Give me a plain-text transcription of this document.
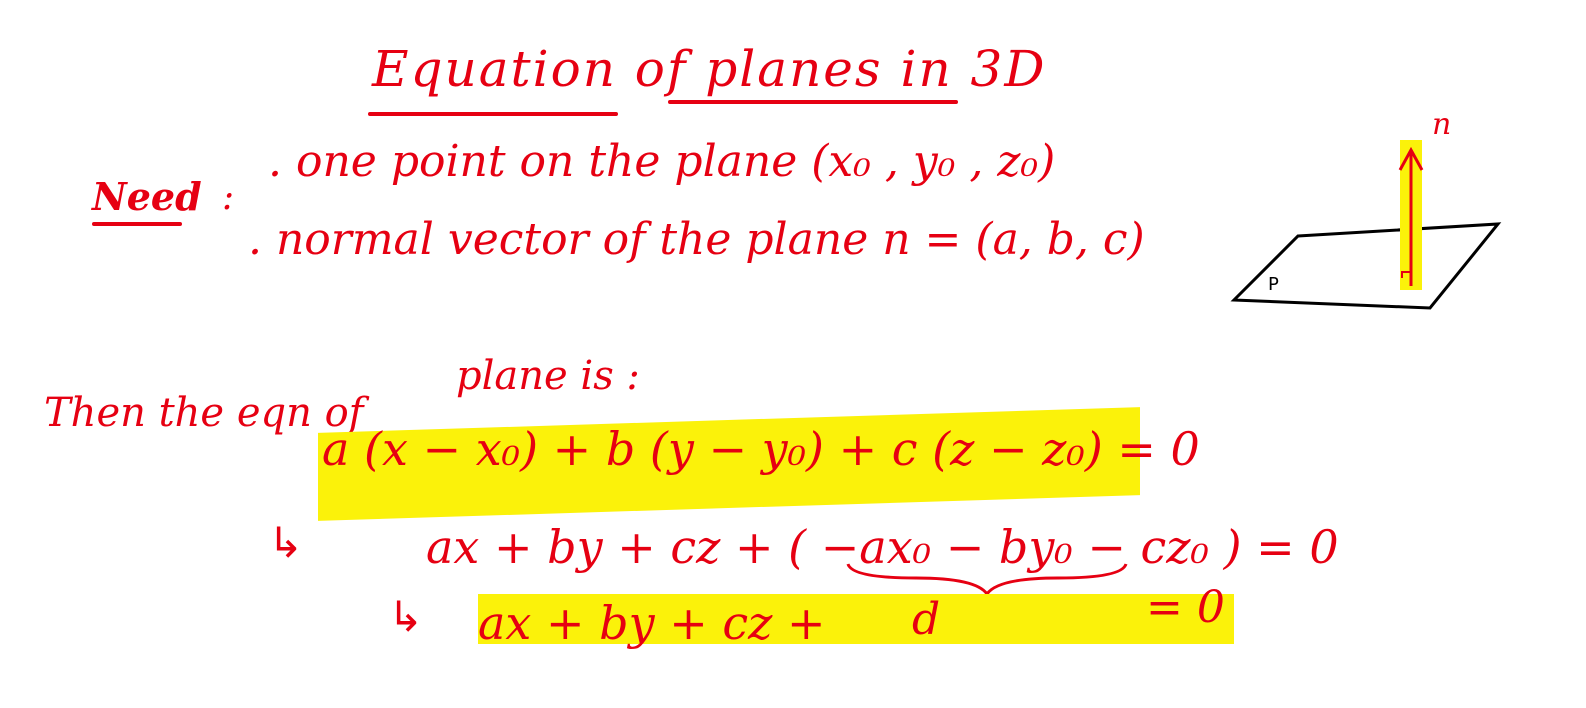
Equation of planes in 3D
Need :
. one point on the plane (x₀ , y₀ , z₀)
. normal vector of the plane n = (a, b, c)
plane is :
Then the eqn of
a (x − x₀) + b (y − y₀) + c (z − z₀) = 0
↳	ax + by + cz + ( −ax₀ − by₀ − cz₀ ) = 0
↳ ax + by + cz + d	= 0
n
P
